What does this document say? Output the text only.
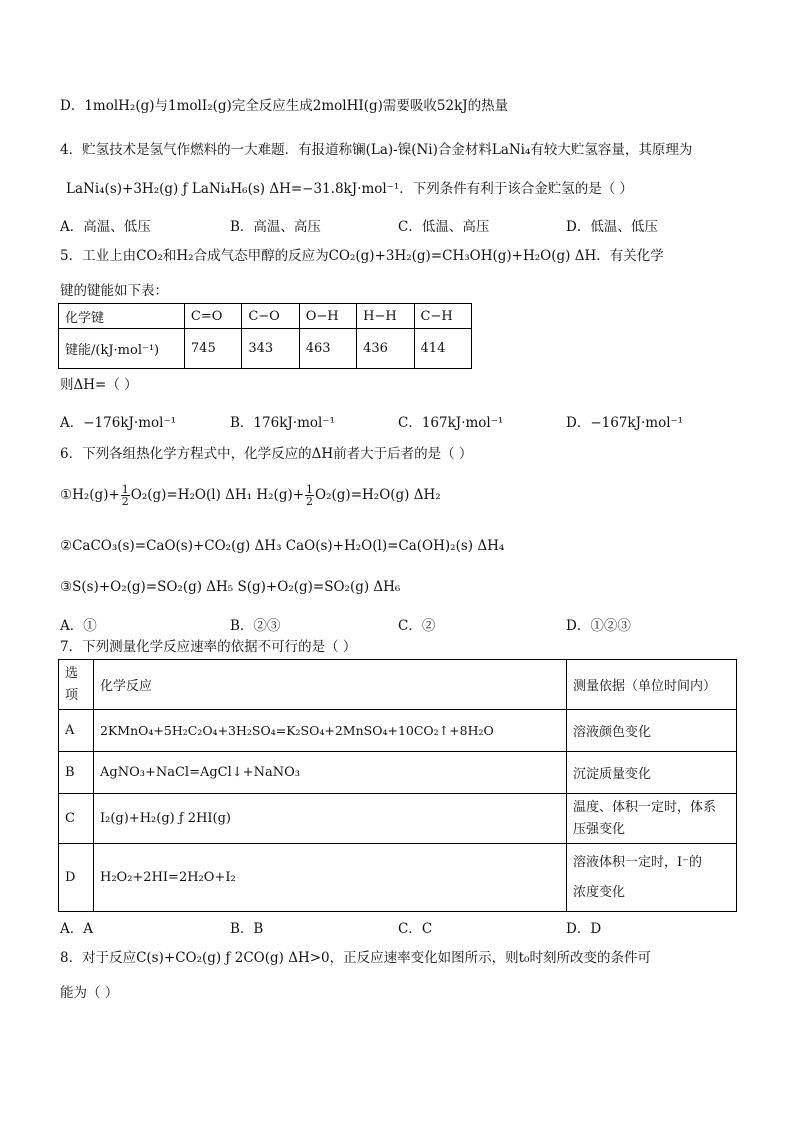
D．1molH₂(g)与1molI₂(g)完全反应生成2molHI(g)需要吸收52kJ的热量
4．贮氢技术是氢气作燃料的一大难题．有报道称镧(La)-镍(Ni)合金材料LaNi₄有较大贮氢容量，其原理为
LaNi₄(s)+3H₂(g) ƒ LaNi₄H₆(s) ΔH=−31.8kJ·mol⁻¹．下列条件有利于该合金贮氢的是（ ）
A．高温、低压	B．高温、高压	C．低温、高压	D．低温、低压
5．工业上由CO₂和H₂合成气态甲醇的反应为CO₂(g)+3H₂(g)=CH₃OH(g)+H₂O(g) ΔH．有关化学
键的键能如下表：
化学键	C=O	C−O	O−H	H−H	C−H
键能/(kJ·mol⁻¹)	745	343	463	436	414
则ΔH=（ ）
A．−176kJ·mol⁻¹	B．176kJ·mol⁻¹	C．167kJ·mol⁻¹	D．−167kJ·mol⁻¹
6．下列各组热化学方程式中，化学反应的ΔH前者大于后者的是（ ）
①H₂(g)+ $\frac{1}{2} O_2(g)=H_2O(l)$ ΔH₁ $H_2(g)+ \frac{1}{2} O_2(g)=H_2O(g)$ ΔH₂
②CaCO₃(s)=CaO(s)+CO₂(g) ΔH₃ CaO(s)+H₂O(l)=Ca(OH)₂(s) ΔH₄
③S(s)+O₂(g)=SO₂(g) ΔH₅ S(g)+O₂(g)=SO₂(g) ΔH₆
A．①	B．②③	C．②	D．①②③
7．下列测量化学反应速率的依据不可行的是（ ）
选
项	化学反应	测量依据（单位时间内）
A	2KMnO₄+5H₂C₂O₄+3H₂SO₄=K₂SO₄+2MnSO₄+10CO₂↑+8H₂O	溶液颜色变化
B	AgNO₃+NaCl=AgCl↓+NaNO₃	沉淀质量变化
C	I₂(g)+H₂(g) ƒ 2HI(g)	温度、体积一定时，体系
压强变化

D	H₂O₂+2HI=2H₂O+I₂	溶液体积一定时，I⁻的
浓度变化
A．A	B．B	C．C	D．D
8．对于反应C(s)+CO₂(g) ƒ 2CO(g) ΔH>0，正反应速率变化如图所示，则t₀时刻所改变的条件可
能为（ ）
